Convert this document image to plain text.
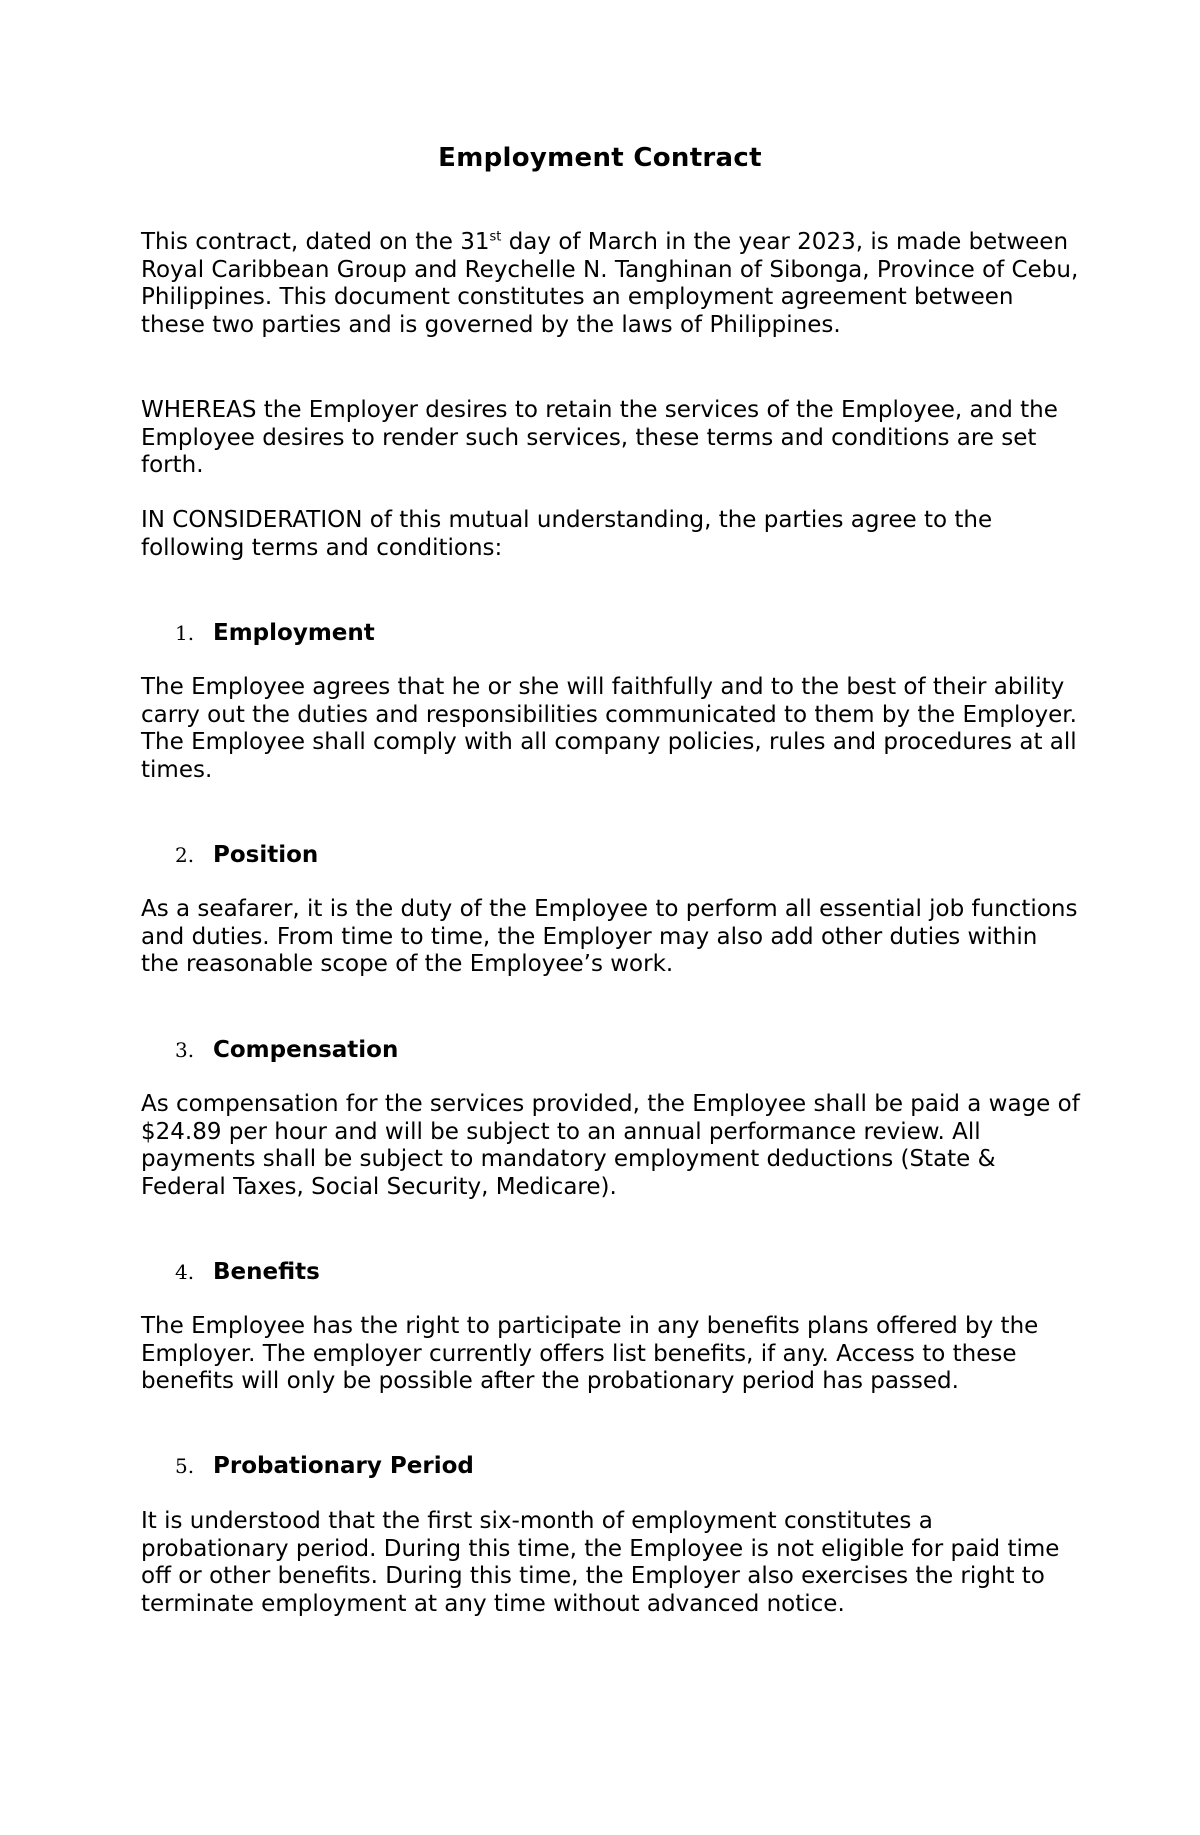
Employment Contract

This contract, dated on the 31st day of March in the year 2023, is made between Royal Caribbean Group and Reychelle N. Tanghinan of Sibonga, Province of Cebu, Philippines. This document constitutes an employment agreement between these two parties and is governed by the laws of Philippines.

WHEREAS the Employer desires to retain the services of the Employee, and the Employee desires to render such services, these terms and conditions are set forth.

IN CONSIDERATION of this mutual understanding, the parties agree to the following terms and conditions:

1. Employment

The Employee agrees that he or she will faithfully and to the best of their ability carry out the duties and responsibilities communicated to them by the Employer. The Employee shall comply with all company policies, rules and procedures at all times.

2. Position

As a seafarer, it is the duty of the Employee to perform all essential job functions and duties. From time to time, the Employer may also add other duties within the reasonable scope of the Employee’s work.

3. Compensation

As compensation for the services provided, the Employee shall be paid a wage of $24.89 per hour and will be subject to an annual performance review. All payments shall be subject to mandatory employment deductions (State & Federal Taxes, Social Security, Medicare).

4. Benefits

The Employee has the right to participate in any benefits plans offered by the Employer. The employer currently offers list benefits, if any. Access to these benefits will only be possible after the probationary period has passed.

5. Probationary Period

It is understood that the first six-month of employment constitutes a probationary period. During this time, the Employee is not eligible for paid time off or other benefits. During this time, the Employer also exercises the right to terminate employment at any time without advanced notice.
